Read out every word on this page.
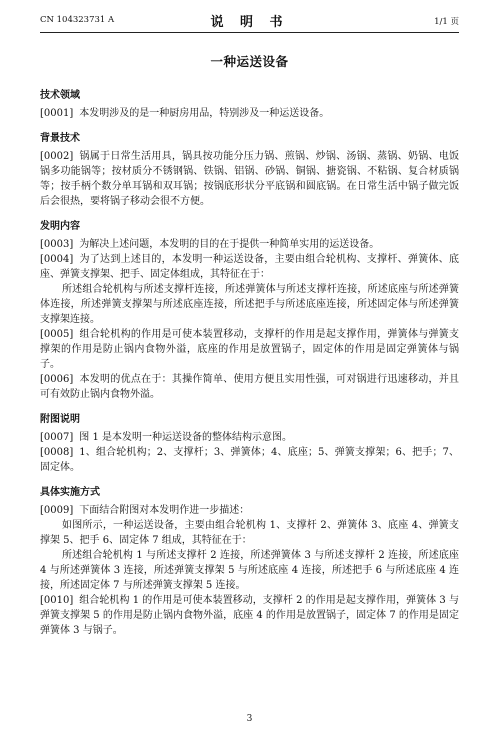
CN 104323731 A	说 明 书	1/1 页
一种运送设备
技术领域

[0001] 本发明涉及的是一种厨房用品，特别涉及一种运送设备。

背景技术

[0002] 锅属于日常生活用具，锅具按功能分压力锅、煎锅、炒锅、汤锅、蒸锅、奶锅、电饭锅多功能锅等；按材质分不锈钢锅、铁锅、铝锅、砂锅、铜锅、搪瓷锅、不粘锅、复合材质锅等；按手柄个数分单耳锅和双耳锅；按锅底形状分平底锅和圆底锅。在日常生活中锅子做完饭后会很热，要将锅子移动会很不方便。

发明内容

[0003] 为解决上述问题，本发明的目的在于提供一种简单实用的运送设备。

[0004] 为了达到上述目的，本发明一种运送设备，主要由组合轮机构、支撑杆、弹簧体、底座、弹簧支撑架、把手、固定体组成，其特征在于：

所述组合轮机构与所述支撑杆连接，所述弹簧体与所述支撑杆连接，所述底座与所述弹簧体连接，所述弹簧支撑架与所述底座连接，所述把手与所述底座连接，所述固定体与所述弹簧支撑架连接。

[0005] 组合轮机构的作用是可使本装置移动，支撑杆的作用是起支撑作用，弹簧体与弹簧支撑架的作用是防止锅内食物外溢，底座的作用是放置锅子，固定体的作用是固定弹簧体与锅子。

[0006] 本发明的优点在于：其操作简单、使用方便且实用性强，可对锅进行迅速移动，并且可有效防止锅内食物外溢。

附图说明

[0007] 图 1 是本发明一种运送设备的整体结构示意图。

[0008] 1、组合轮机构；2、支撑杆；3、弹簧体；4、底座；5、弹簧支撑架；6、把手；7、固定体。

具体实施方式

[0009] 下面结合附图对本发明作进一步描述：

如图所示，一种运送设备，主要由组合轮机构 1、支撑杆 2、弹簧体 3、底座 4、弹簧支撑架 5、把手 6、固定体 7 组成，其特征在于：

所述组合轮机构 1 与所述支撑杆 2 连接，所述弹簧体 3 与所述支撑杆 2 连接，所述底座 4 与所述弹簧体 3 连接，所述弹簧支撑架 5 与所述底座 4 连接，所述把手 6 与所述底座 4 连接，所述固定体 7 与所述弹簧支撑架 5 连接。

[0010] 组合轮机构 1 的作用是可使本装置移动，支撑杆 2 的作用是起支撑作用，弹簧体 3 与弹簧支撑架 5 的作用是防止锅内食物外溢，底座 4 的作用是放置锅子，固定体 7 的作用是固定弹簧体 3 与锅子。

3
